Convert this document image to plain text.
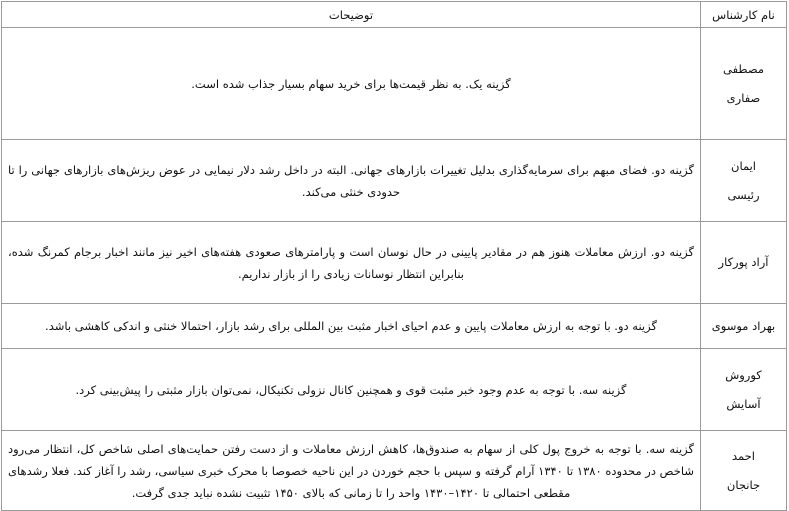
نام کارشناس	توضیحات
مصطفی صفاری	گزینه یک. به نظر قیمت‌ها برای خرید سهام بسیار جذاب شده است.
ایمان رئیسی	گزینه دو. فضای مبهم برای سرمایه‌گذاری بدلیل تغییرات بازارهای جهانی. البته در داخل رشد دلار نیمایی در عوض ریزش‌های بازارهای جهانی را تا حدودی خنثی می‌کند.
آراد پورکار	گزینه دو. ارزش معاملات هنوز هم در مقادیر پایینی در حال نوسان است و پارامترهای صعودی هفته‌های اخیر نیز مانند اخبار برجام کمرنگ شده، بنابراین انتظار نوسانات زیادی را از بازار نداریم.
بهراد موسوی	گزینه دو. با توجه به ارزش معاملات پایین و عدم احیای اخبار مثبت بین المللی برای رشد بازار، احتمالا خنثی و اندکی کاهشی باشد.
کوروش آسایش	گزینه سه. با توجه به عدم وجود خبر مثبت قوی و همچنین کانال نزولی تکنیکال، نمی‌توان بازار مثبتی را پیش‌بینی کرد.
احمد جانجان	گزینه سه. با توجه به خروج پول کلی از سهام به صندوق‌ها، کاهش ارزش معاملات و از دست رفتن حمایت‌های اصلی شاخص کل، انتظار می‌رود شاخص در محدوده ۱۳۸۰ تا ۱۳۴۰ آرام گرفته و سپس با حجم خوردن در این ناحیه خصوصا با محرک خبری سیاسی، رشد را آغاز کند. فعلا رشدهای مقطعی احتمالی تا ۱۴۲۰–۱۴۳۰ واحد را تا زمانی که بالای ۱۴۵۰ تثبیت نشده نباید جدی گرفت.
